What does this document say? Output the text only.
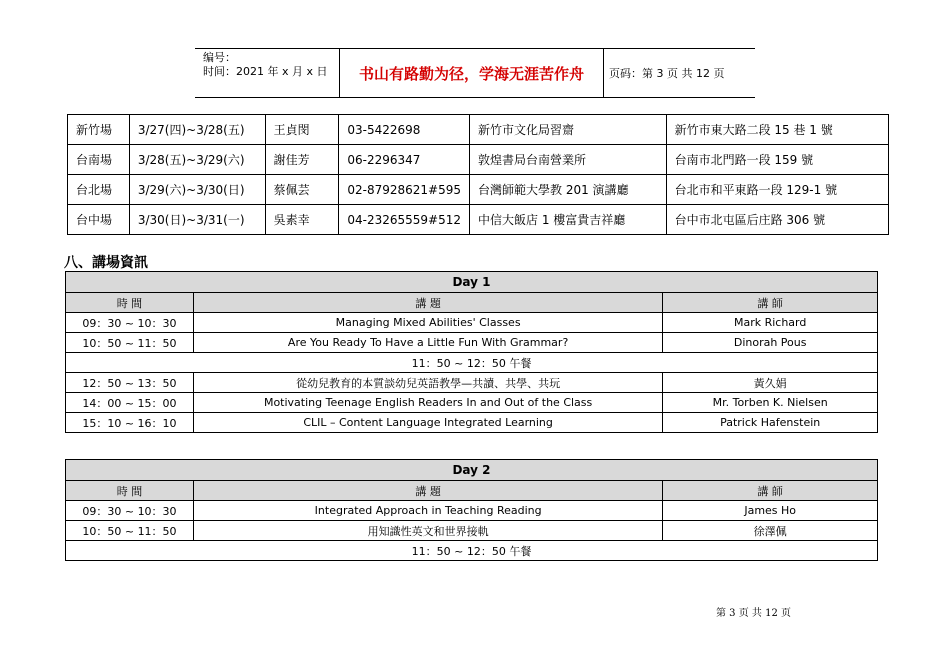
编号：
时间：2021 年 x 月 x 日	书山有路勤为径，学海无涯苦作舟	页码：第 3 页 共 12 页
新竹場	3/27(四)~3/28(五)	王貞閔	03-5422698	新竹市文化局習齋	新竹市東大路二段 15 巷 1 號
台南場	3/28(五)~3/29(六)	謝佳芳	06-2296347	敦煌書局台南營業所	台南市北門路一段 159 號
台北場	3/29(六)~3/30(日)	蔡佩芸	02-87928621#595	台灣師範大學教 201 演講廳	台北市和平東路一段 129-1 號
台中場	3/30(日)~3/31(一)	吳素幸	04-23265559#512	中信大飯店 1 樓富貴吉祥廳	台中市北屯區后庄路 306 號
八、講場資訊
Day 1		
時 間	講 題	講 師
09：30 ~ 10：30	Managing Mixed Abilities' Classes	Mark Richard
10：50 ~ 11：50	Are You Ready To Have a Little Fun With Grammar?	Dinorah Pous
11：50 ~ 12：50 午餐		
12：50 ~ 13：50	從幼兒教育的本質談幼兒英語教學—共讀、共學、共玩	黃久娟
14：00 ~ 15：00	Motivating Teenage English Readers In and Out of the Class	Mr. Torben K. Nielsen
15：10 ~ 16：10	CLIL – Content Language Integrated Learning	Patrick Hafenstein
Day 2		
時 間	講 題	講 師
09：30 ~ 10：30	Integrated Approach in Teaching Reading	James Ho
10：50 ~ 11：50	用知識性英文和世界接軌	徐澤佩
11：50 ~ 12：50 午餐		
第 3 页 共 12 页
